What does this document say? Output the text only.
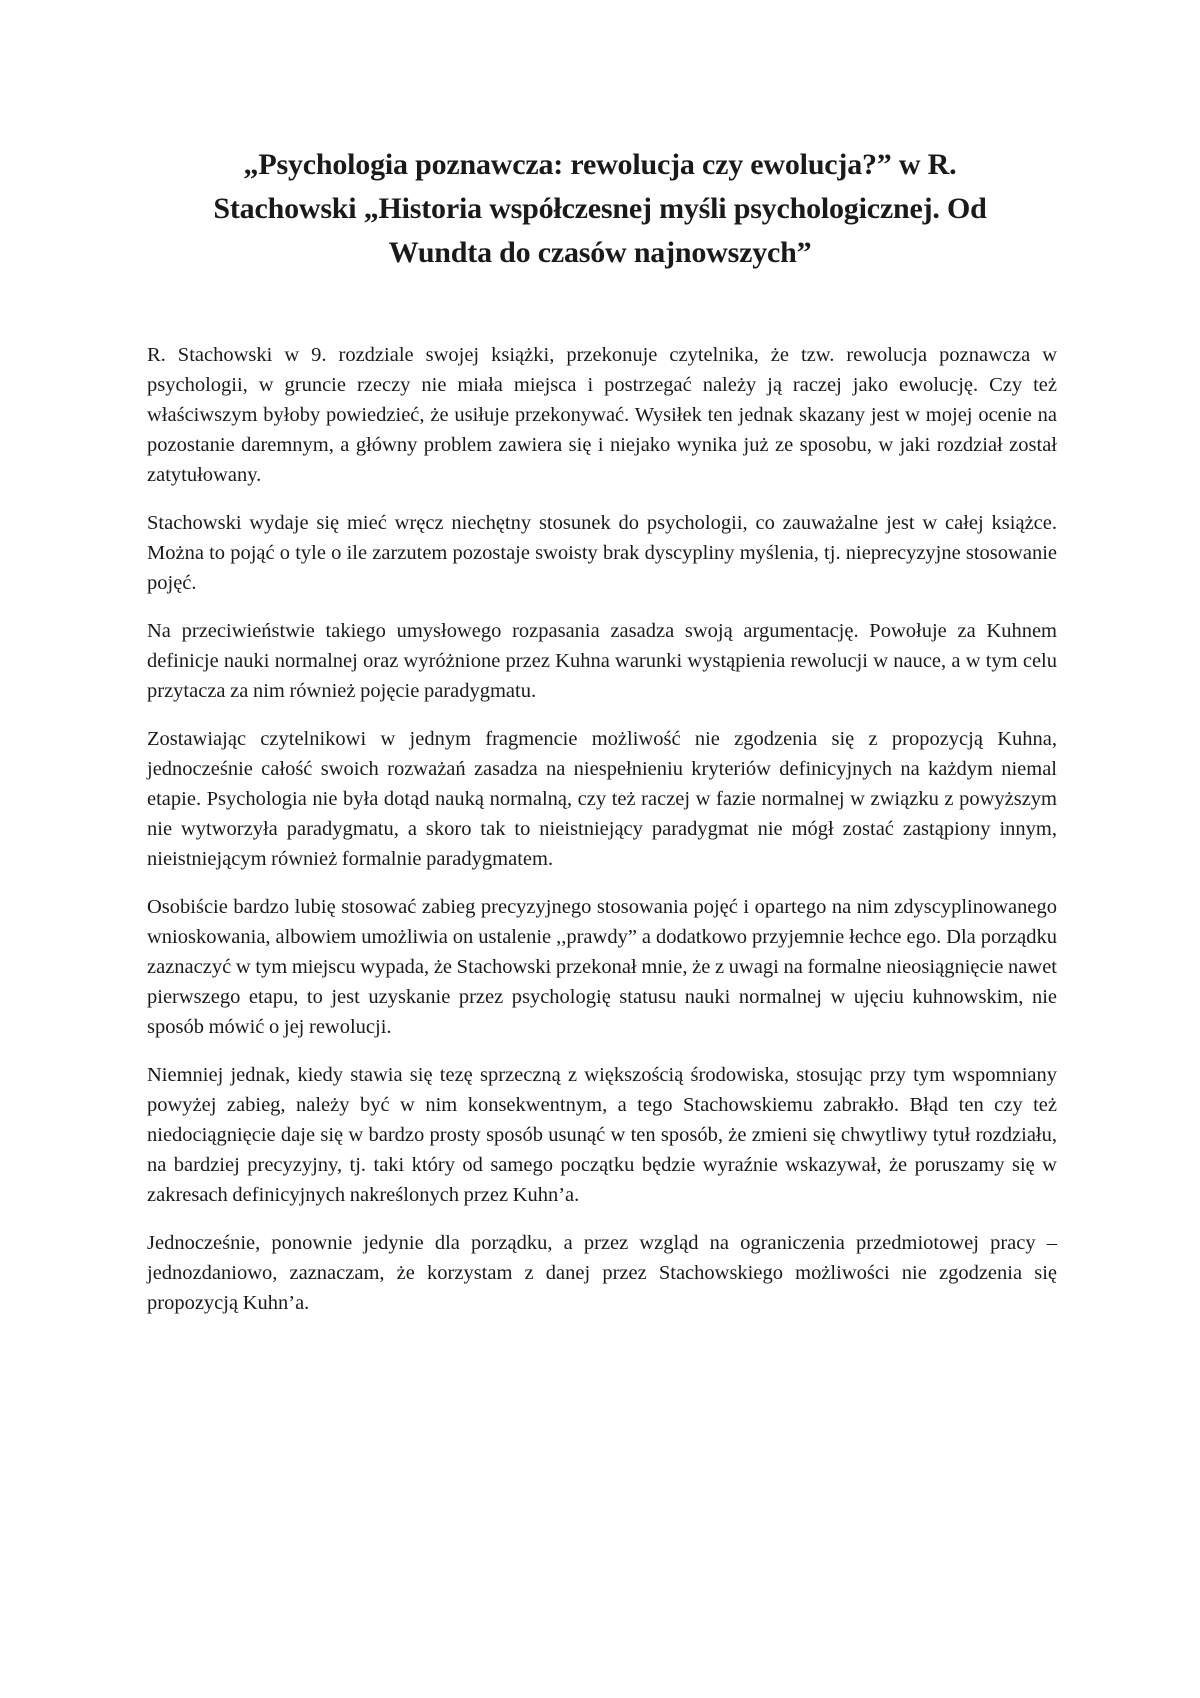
„Psychologia poznawcza: rewolucja czy ewolucja?” w R.
Stachowski „Historia współczesnej myśli psychologicznej. Od
Wundta do czasów najnowszych”

R. Stachowski w 9. rozdziale swojej książki, przekonuje czytelnika, że tzw. rewolucja poznawcza w psychologii, w gruncie rzeczy nie miała miejsca i postrzegać należy ją raczej jako ewolucję. Czy też właściwszym byłoby powiedzieć, że usiłuje przekonywać. Wysiłek ten jednak skazany jest w mojej ocenie na pozostanie daremnym, a główny problem zawiera się i niejako wynika już ze sposobu, w jaki rozdział został zatytułowany.

Stachowski wydaje się mieć wręcz niechętny stosunek do psychologii, co zauważalne jest w całej książce. Można to pojąć o tyle o ile zarzutem pozostaje swoisty brak dyscypliny myślenia, tj. nieprecyzyjne stosowanie pojęć.

Na przeciwieństwie takiego umysłowego rozpasania zasadza swoją argumentację. Powołuje za Kuhnem definicje nauki normalnej oraz wyróżnione przez Kuhna warunki wystąpienia rewolucji w nauce, a w tym celu przytacza za nim również pojęcie paradygmatu.

Zostawiając czytelnikowi w jednym fragmencie możliwość nie zgodzenia się z propozycją Kuhna, jednocześnie całość swoich rozważań zasadza na niespełnieniu kryteriów definicyjnych na każdym niemal etapie. Psychologia nie była dotąd nauką normalną, czy też raczej w fazie normalnej w związku z powyższym nie wytworzyła paradygmatu, a skoro tak to nieistniejący paradygmat nie mógł zostać zastąpiony innym, nieistniejącym również formalnie paradygmatem.

Osobiście bardzo lubię stosować zabieg precyzyjnego stosowania pojęć i opartego na nim zdyscyplinowanego wnioskowania, albowiem umożliwia on ustalenie ,,prawdy” a dodatkowo przyjemnie łechce ego. Dla porządku zaznaczyć w tym miejscu wypada, że Stachowski przekonał mnie, że z uwagi na formalne nieosiągnięcie nawet pierwszego etapu, to jest uzyskanie przez psychologię statusu nauki normalnej w ujęciu kuhnowskim, nie sposób mówić o jej rewolucji.

Niemniej jednak, kiedy stawia się tezę sprzeczną z większością środowiska, stosując przy tym wspomniany powyżej zabieg, należy być w nim konsekwentnym, a tego Stachowskiemu zabrakło. Błąd ten czy też niedociągnięcie daje się w bardzo prosty sposób usunąć w ten sposób, że zmieni się chwytliwy tytuł rozdziału, na bardziej precyzyjny, tj. taki który od samego początku będzie wyraźnie wskazywał, że poruszamy się w zakresach definicyjnych nakreślonych przez Kuhn’a.

Jednocześnie, ponownie jedynie dla porządku, a przez wzgląd na ograniczenia przedmiotowej pracy – jednozdaniowo, zaznaczam, że korzystam z danej przez Stachowskiego możliwości nie zgodzenia się propozycją Kuhn’a.
